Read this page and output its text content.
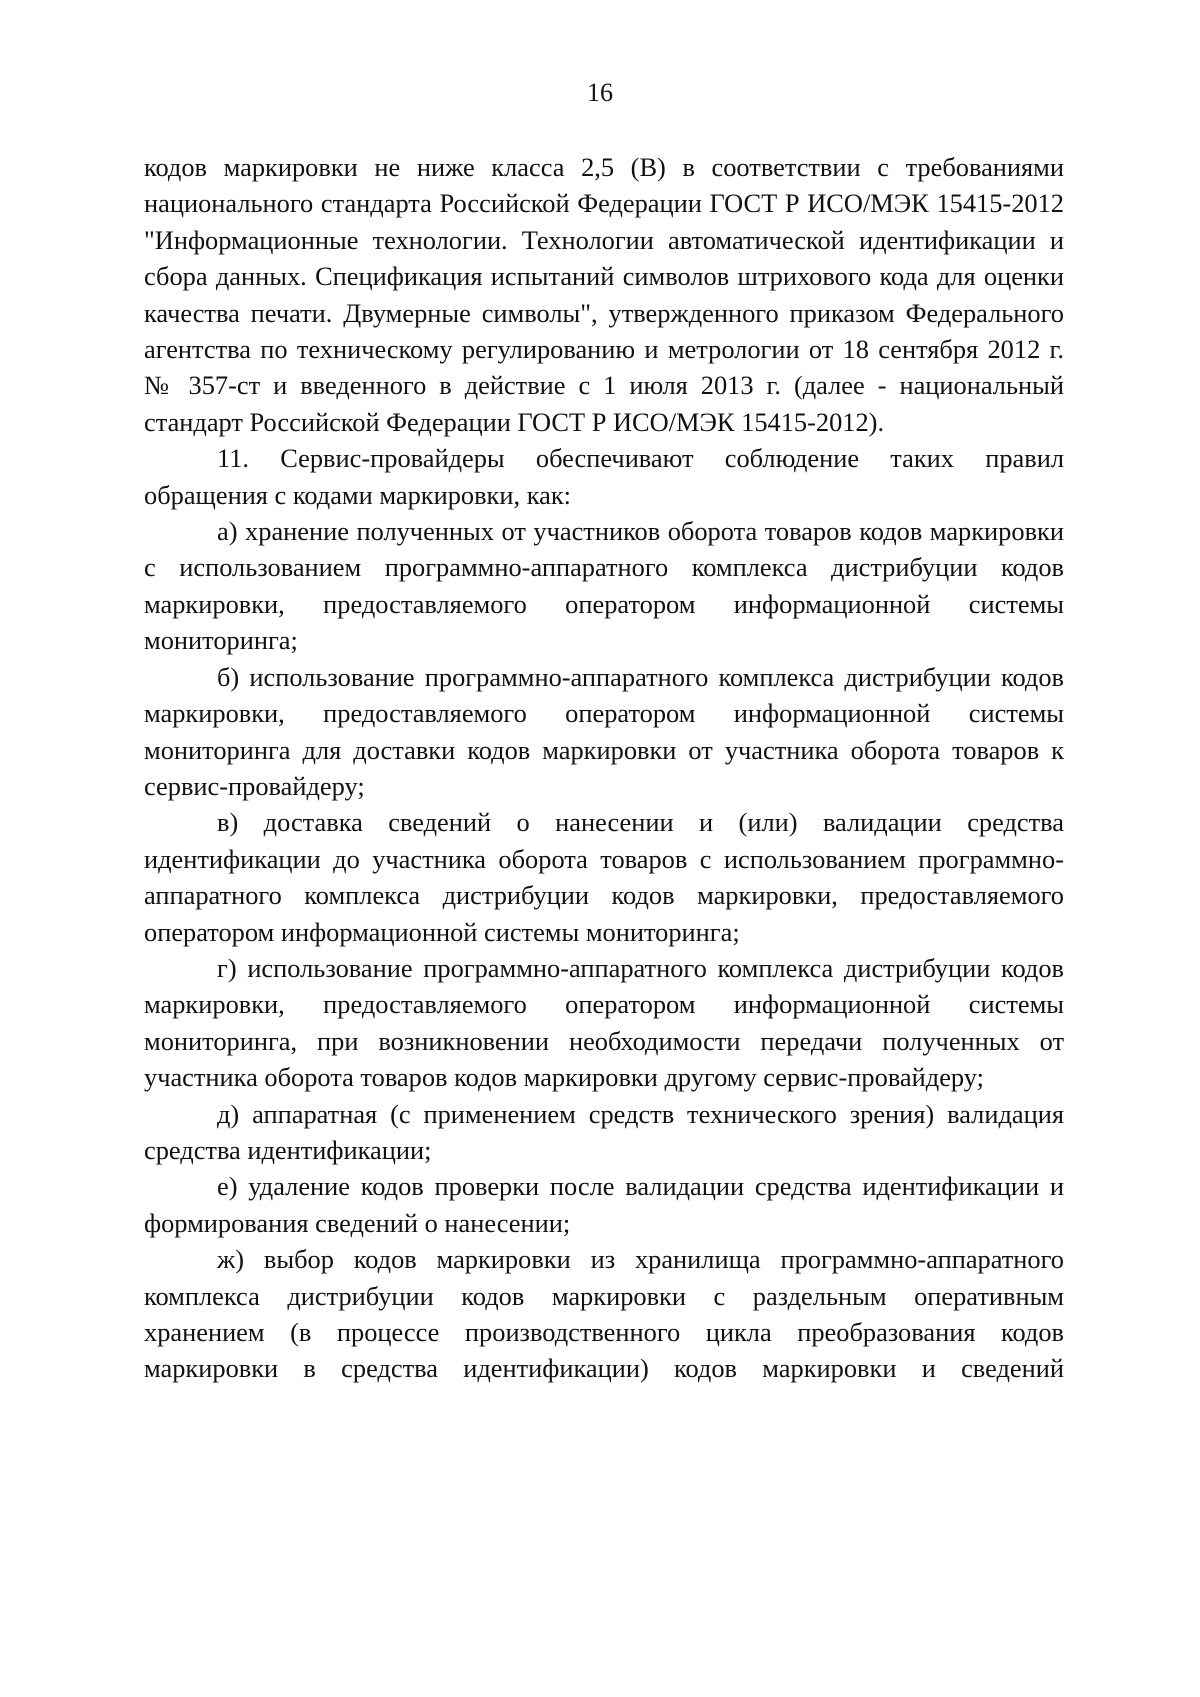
16

кодов маркировки не ниже класса 2,5 (B) в соответствии с требованиями национального стандарта Российской Федерации ГОСТ Р ИСО/МЭК 15415-2012 "Информационные технологии. Технологии автоматической идентификации и сбора данных. Спецификация испытаний символов штрихового кода для оценки качества печати. Двумерные символы", утвержденного приказом Федерального агентства по техническому регулированию и метрологии от 18 сентября 2012 г. № 357-ст и введенного в действие с 1 июля 2013 г. (далее - национальный стандарт Российской Федерации ГОСТ Р ИСО/МЭК 15415-2012).

11. Сервис-провайдеры обеспечивают соблюдение таких правил обращения с кодами маркировки, как:

а) хранение полученных от участников оборота товаров кодов маркировки с использованием программно-аппаратного комплекса дистрибуции кодов маркировки, предоставляемого оператором информационной системы мониторинга;

б) использование программно-аппаратного комплекса дистрибуции кодов маркировки, предоставляемого оператором информационной системы мониторинга для доставки кодов маркировки от участника оборота товаров к сервис-провайдеру;

в) доставка сведений о нанесении и (или) валидации средства идентификации до участника оборота товаров с использованием программно-аппаратного комплекса дистрибуции кодов маркировки, предоставляемого оператором информационной системы мониторинга;

г) использование программно-аппаратного комплекса дистрибуции кодов маркировки, предоставляемого оператором информационной системы мониторинга, при возникновении необходимости передачи полученных от участника оборота товаров кодов маркировки другому сервис-провайдеру;

д) аппаратная (с применением средств технического зрения) валидация средства идентификации;

е) удаление кодов проверки после валидации средства идентификации и формирования сведений о нанесении;

ж) выбор кодов маркировки из хранилища программно-аппаратного комплекса дистрибуции кодов маркировки с раздельным оперативным хранением (в процессе производственного цикла преобразования кодов маркировки в средства идентификации) кодов маркировки и сведений
